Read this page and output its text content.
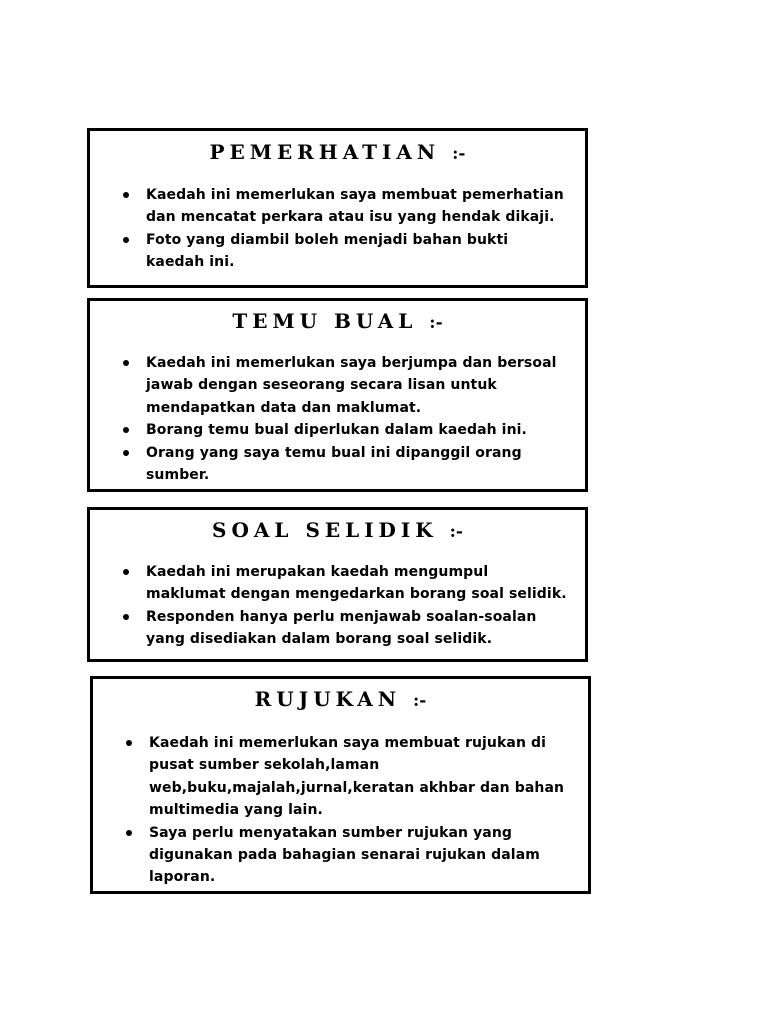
PEMERHATIAN :-
Kaedah ini memerlukan saya membuat pemerhatian dan mencatat perkara atau isu yang hendak dikaji.
Foto yang diambil boleh menjadi bahan bukti kaedah ini.
TEMU BUAL :-
Kaedah ini memerlukan saya berjumpa dan bersoal jawab dengan seseorang secara lisan untuk mendapatkan data dan maklumat.
Borang temu bual diperlukan dalam kaedah ini.
Orang yang saya temu bual ini dipanggil orang sumber.
SOAL SELIDIK :-
Kaedah ini merupakan kaedah mengumpul maklumat dengan mengedarkan borang soal selidik.
Responden hanya perlu menjawab soalan-soalan yang disediakan dalam borang soal selidik.
RUJUKAN :-
Kaedah ini memerlukan saya membuat rujukan di pusat sumber sekolah,laman web,buku,majalah,jurnal,keratan akhbar dan bahan multimedia yang lain.
Saya perlu menyatakan sumber rujukan yang digunakan pada bahagian senarai rujukan dalam laporan.
